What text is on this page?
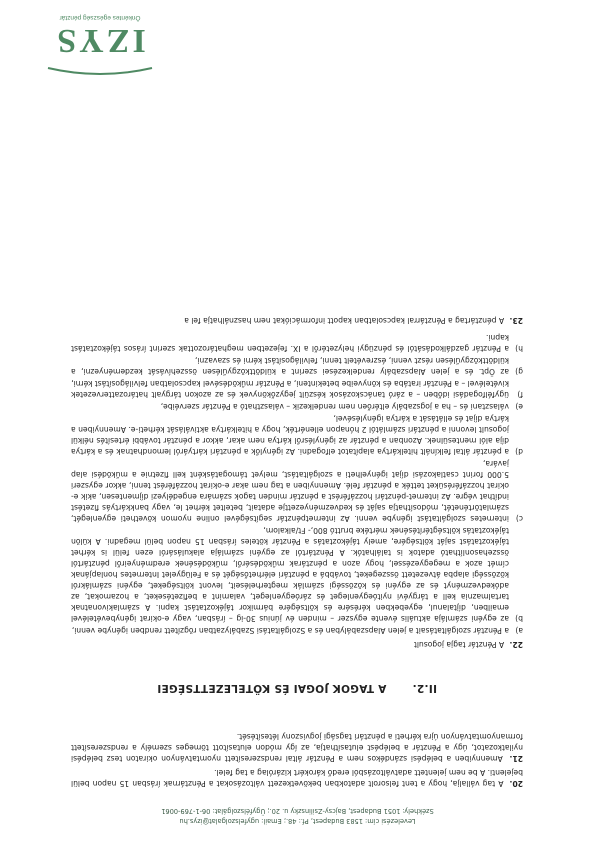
Levelezési cím: 1583 Budapest, Pf.: 48.; Email: ugyfelszolgalat@izys.hu
Székhely: 1051 Budapest, Bajcsy-Zsilinszky u. 20.; Ügyfélszolgálat: 06-1-769-0061

20. A tag vállalja, hogy a tent felsorolt adatokban bekövetkezett változásokat a Pénztárnak írásban 15 napon belül bejelenti. A be nem jelentett adatváltozásból eredő károkért kizárólag a tag felel.

21. Amennyiben a belépési szándékos nem a Pénztár által rendszeresített nyomtatványon okiraton tesz belépési nyilatkozatot, úgy a Pénztár a belépést elutasíthatja, az így módon elutasított tömeges személy a rendszeresített formanyomtatványon újra kérheti a pénztári tagsági jogviszony létesítését.

II.2. A TAGOK JOGAI ÉS KÖTELEZETTSÉGEI

22. A Pénztár tagja jogosult

a)a Pénztár szolgáltatásait a jelen Alapszabályban és a Szolgáltatási Szabályzatban rögzített rendben igénybe venni,
b)az egyéni számlája aktuális évente egyszer – minden év június 30-ig – írásban, vagy e-okirat igénybevételével emailben, díjtalanul, egyebekben kérésére és költségére bármikor tájékoztatást kapni. A számlakivonatnak tartalmaznia kell a tárgyévi nyitóegyenleget és záróegyenleget, valamint a befizetéseket, a hozamokat, az adókedvezményt és az egyéni és közösségi számlák megterheléseit, levont költségeket, egyéni számlákról közösségi alapba átvezetett összegeket, továbbá a pénztári elérhetőségét és a Felügyelet Internetes honlapjának címét azok a megegyezéssel, hogy azon a pénztárak működéséről, működésének eredményeiről pénztártól összehasonlítható adatok is találhatók. A Pénztártól az egyéni számlája alakulásáról ezen felül is kérhet tájékoztatást saját költségére, amely tájékoztatás a Pénztár köteles írásban 15 napon belül megadni. A külön tájékoztatás költségtérítésének mértéke bruttó 800,- Ft/alkalom,
c)internetes szolgáltatást igénybe venni. Az internetpénztár segítségével online nyomon követheti egyenlegét, számlatörténetét, módosíthatja saját és kedvezményezettje adatait, beteltet kérhet le, vagy bankkártyás fizetést indíthat végre. Az internet-pénztári hozzáférést a pénztár minden tagok számára engedélyezi díjmentesen, akik e-okirat hozzáférésüket tették a pénztár felé. Amennyiben a tag nem akar e-okirat hozzáférést tenni, akkor egyszeri 5.000 forint csatlakozási díjat igényelheti a szolgáltatást, melyet támogatásként kell fizetnie a működési alap javára,
d)a pénztár által felkínált hitelkártya alapítatot elfogadni. Az igénylők a pénztári kártyáról lemondhatnak és a kártya díja alól mentesülnek. Azonban a pénztár az igénylésről kártya nem akar, akkor a pénztár további értesítés nélkül jogosult levonni a pénztári számlától 2 hónapon ellenérték, hogy a hitelkártya aktiválását kérheti-e. Amennyiben a kártya díjat és ellátását a kártya igénylésével,
e)választani és – ha a jogszabály eltérően nem rendelkezik – választható a Pénztár szervéibe,
f)ügyfélfogadási időben – a záró tanácskozások készült jegyzőkönyvek és az azokon tárgyalt határozattervezetek kivételével – a Pénztár iratába és könyveibe betekinteni, a Pénztár működésével kapcsolatban felvilágosítást kérni,
g)az Öpt. és a jelen Alapszabály rendelkezései szerint a küldöttközgyűlésen összehívását kezdeményezni, a küldöttközgyűlésen részt venni, észrevételt tenni, felvilágosítást kérni és szavazni,
h)a Pénztár gazdálkodásától és pénzügyi helyzetéről a IX. fejezetben meghatározottak szerint írásos tájékoztatást kapni.

23. A pénztártag a Pénztárral kapcsolatban kapott információkat nem használhatja fel a

IZYS
Önkéntes egészség pénztár
